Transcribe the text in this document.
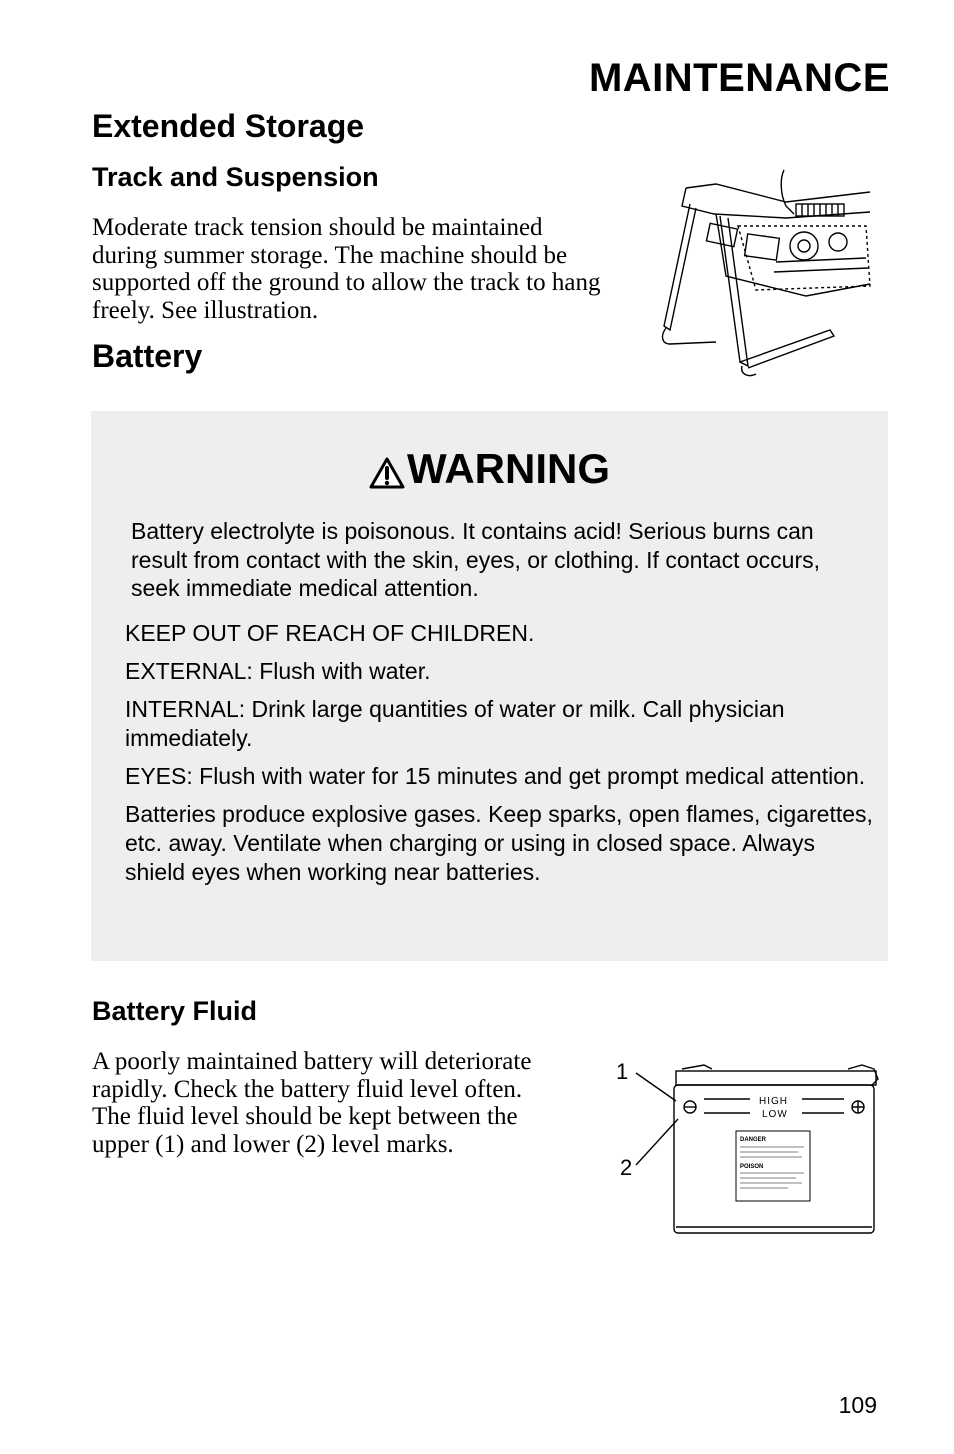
MAINTENANCE
Extended Storage
Track and Suspension
Moderate track tension should be maintained during summer storage. The machine should be supported off the ground to allow the track to hang freely. See illustration.
Battery
WARNING
Battery electrolyte is poisonous. It contains acid! Serious burns can result from contact with the skin, eyes, or clothing. If contact occurs, seek immediate medical attention.
KEEP OUT OF REACH OF CHILDREN.
EXTERNAL: Flush with water.
INTERNAL: Drink large quantities of water or milk. Call physician immediately.
EYES: Flush with water for 15 minutes and get prompt medical attention.
Batteries produce explosive gases. Keep sparks, open flames, cigarettes, etc. away. Ventilate when charging or using in closed space. Always shield eyes when working near batteries.
Battery Fluid
A poorly maintained battery will deteriorate rapidly. Check the battery fluid level often. The fluid level should be kept between the upper (1) and lower (2) level marks.
1
2
HIGH
LOW
DANGER
POISON
109
